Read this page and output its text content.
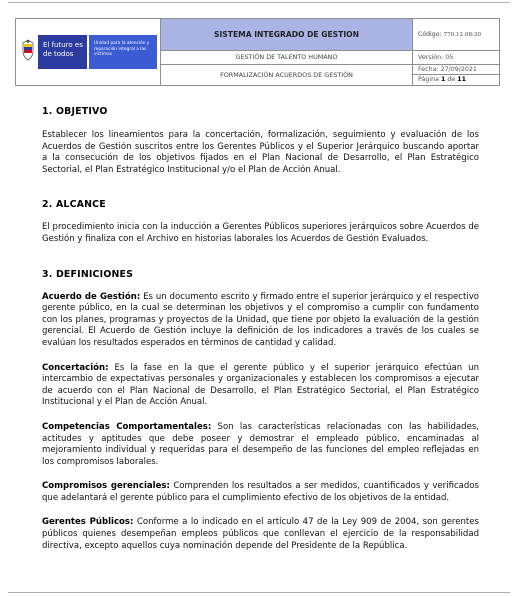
El futuro es de todos
Unidad para la atención y reparación integral a las víctimas
SISTEMA INTEGRADO DE GESTION
GESTIÓN DE TALENTO HUMANO
FORMALIZACIÓN ACUERDOS DE GESTIÓN
Código: 770.12.08-30
Versión: 05
Fecha: 27/09/2021
Página 1 de 11
1. OBJETIVO

Establecer los lineamientos para la concertación, formalización, seguimiento y evaluación de los Acuerdos de Gestión suscritos entre los Gerentes Públicos y el Superior Jerárquico buscando aportar a la consecución de los objetivos fijados en el Plan Nacional de Desarrollo, el Plan Estratégico Sectorial, el Plan Estratégico Institucional y/o el Plan de Acción Anual.

2. ALCANCE

El procedimiento inicia con la inducción a Gerentes Públicos superiores jerárquicos sobre Acuerdos de Gestión y finaliza con el Archivo en historias laborales los Acuerdos de Gestión Evaluados.

3. DEFINICIONES

Acuerdo de Gestión: Es un documento escrito y firmado entre el superior jerárquico y el respectivo gerente público, en la cual se determinan los objetivos y el compromiso a cumplir con fundamento con los planes, programas y proyectos de la Unidad, que tiene por objeto la evaluación de la gestión gerencial. El Acuerdo de Gestión incluye la definición de los indicadores a través de los cuales se evalúan los resultados esperados en términos de cantidad y calidad.

Concertación: Es la fase en la que el gerente público y el superior jerárquico efectúan un intercambio de expectativas personales y organizacionales y establecen los compromisos a ejecutar de acuerdo con el Plan Nacional de Desarrollo, el Plan Estratégico Sectorial, el Plan Estratégico Institucional y el Plan de Acción Anual.

Competencias Comportamentales: Son las características relacionadas con las habilidades, actitudes y aptitudes que debe poseer y demostrar el empleado público, encaminadas al mejoramiento individual y requeridas para el desempeño de las funciones del empleo reflejadas en los compromisos laborales.

Compromisos gerenciales: Comprenden los resultados a ser medidos, cuantificados y verificados que adelantará el gerente público para el cumplimiento efectivo de los objetivos de la entidad.

Gerentes Públicos: Conforme a lo indicado en el artículo 47 de la Ley 909 de 2004, son gerentes públicos quienes desempeñan empleos públicos que conllevan el ejercicio de la responsabilidad directiva, excepto aquellos cuya nominación depende del Presidente de la República.
